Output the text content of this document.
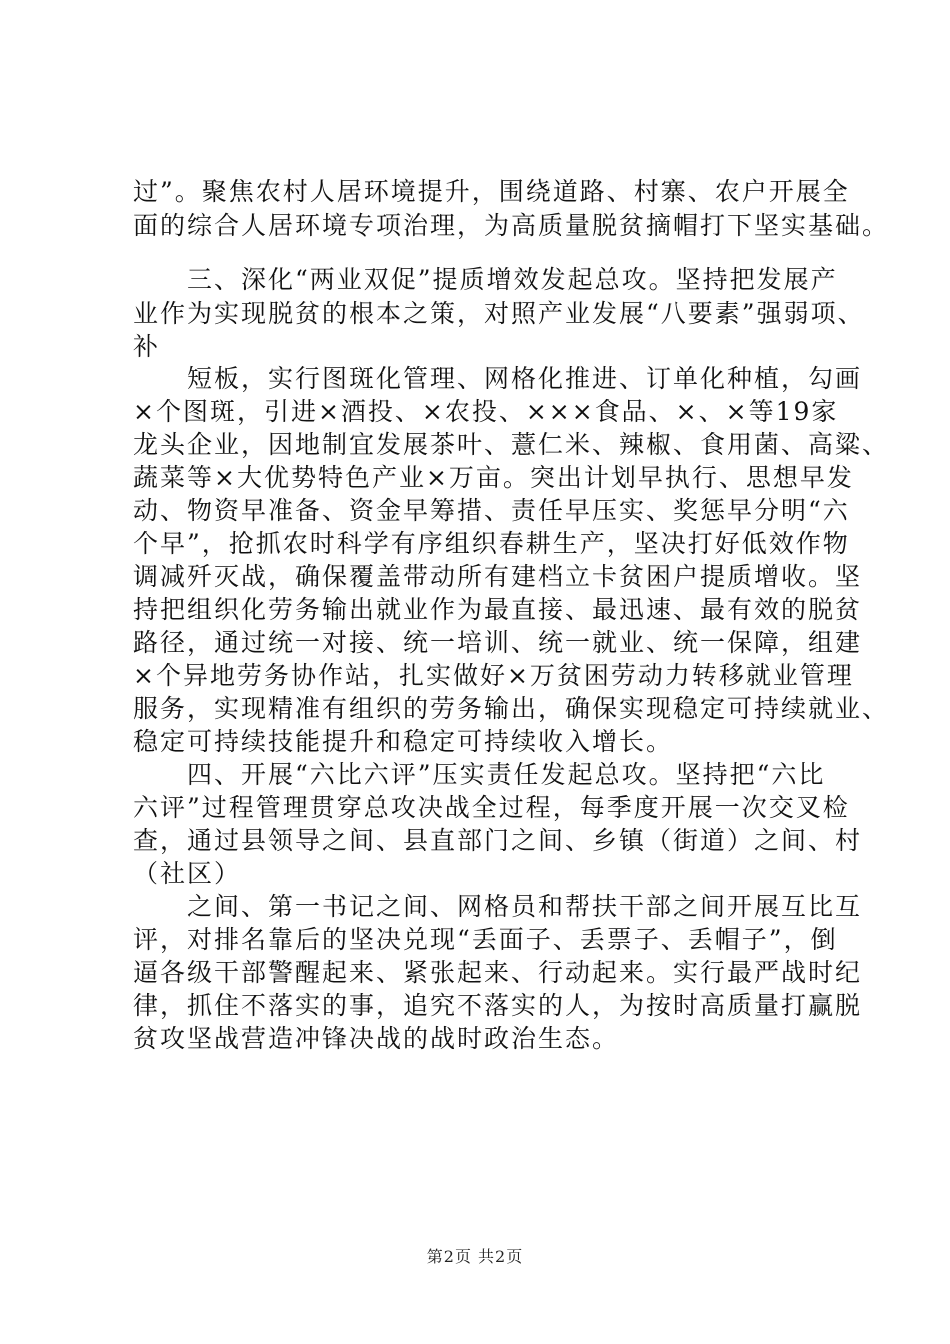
过”。聚焦农村人居环境提升，围绕道路、村寨、农户开展全
面的综合人居环境专项治理，为高质量脱贫摘帽打下坚实基础。
　　三、深化“两业双促”提质增效发起总攻。坚持把发展产
业作为实现脱贫的根本之策，对照产业发展“八要素”强弱项、
补
　　短板，实行图斑化管理、网格化推进、订单化种植，勾画
×个图斑，引进×酒投、×农投、×××食品、×、×等19家
龙头企业，因地制宜发展茶叶、薏仁米、辣椒、食用菌、高粱、
蔬菜等×大优势特色产业×万亩。突出计划早执行、思想早发
动、物资早准备、资金早筹措、责任早压实、奖惩早分明“六
个早”，抢抓农时科学有序组织春耕生产，坚决打好低效作物
调减歼灭战，确保覆盖带动所有建档立卡贫困户提质增收。坚
持把组织化劳务输出就业作为最直接、最迅速、最有效的脱贫
路径，通过统一对接、统一培训、统一就业、统一保障，组建
×个异地劳务协作站，扎实做好×万贫困劳动力转移就业管理
服务，实现精准有组织的劳务输出，确保实现稳定可持续就业、
稳定可持续技能提升和稳定可持续收入增长。
　　四、开展“六比六评”压实责任发起总攻。坚持把“六比
六评”过程管理贯穿总攻决战全过程，每季度开展一次交叉检
查，通过县领导之间、县直部门之间、乡镇（街道）之间、村
（社区）
　　之间、第一书记之间、网格员和帮扶干部之间开展互比互
评，对排名靠后的坚决兑现“丢面子、丢票子、丢帽子”，倒
逼各级干部警醒起来、紧张起来、行动起来。实行最严战时纪
律，抓住不落实的事，追究不落实的人，为按时高质量打赢脱
贫攻坚战营造冲锋决战的战时政治生态。
第2页 共2页
